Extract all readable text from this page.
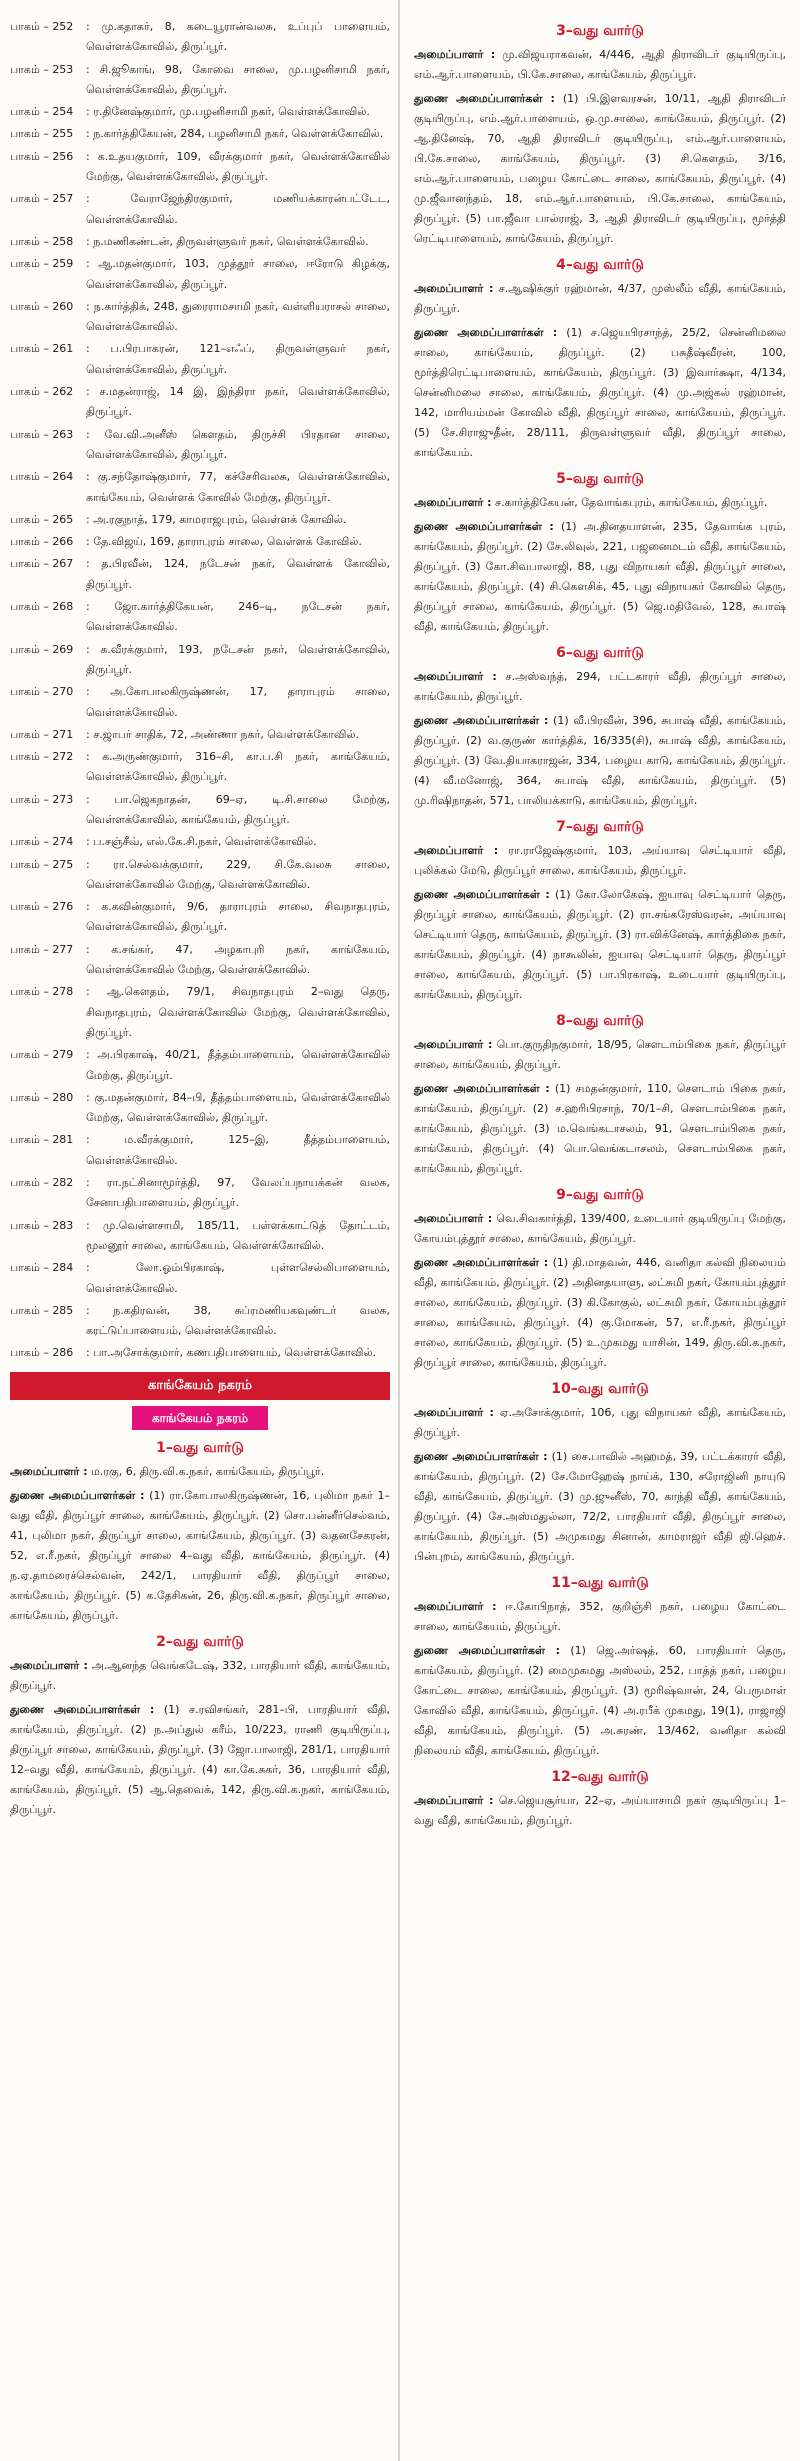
பாகம் – 252	: மு.கதாகர், 8, கடையூரான்வலசு, உப்புப் பாளையம், வெள்ளக்கோவில், திருப்பூர்.
பாகம் – 253	: சி.ஜூகாங், 98, கோவை சாலை, மு.பழனிசாமி நகர், வெள்ளக்கோவில், திருப்பூர்.
பாகம் – 254	: ர.தினேஷ்குமார், மு.பழனிசாமி நகர், வெள்ளக்கோவில்.
பாகம் – 255	: ந.கார்த்திகேயன், 284, பழனிசாமி நகர், வெள்ளக்கோவில்.
பாகம் – 256	: க.உதயகுமார், 109, வீரக்குமார் நகர், வெள்ளக்கோவில் மேற்கு, வெள்ளக்கோவில், திருப்பூர்.
பாகம் – 257	: வேராஜேந்திரகுமார், மணியக்காரன்பட்டேட, வெள்ளக்கோவில்.
பாகம் – 258	: ந.மணிகண்டன், திருவள்ளுவர் நகர், வெள்ளக்கோவில்.
பாகம் – 259	: ஆ.மதன்குமார், 103, முத்தூர் சாலை, ஈரோடு கிழக்கு, வெள்ளக்கோவில், திருப்பூர்.
பாகம் – 260	: ந.கார்த்திக், 248, துரைராமசாமி நகர், வள்ளியராசல் சாலை, வெள்ளக்கோவில்.
பாகம் – 261	: ப.பிரபாகரன், 121–எஃப், திருவள்ளுவர் நகர், வெள்ளக்கோவில், திருப்பூர்.
பாகம் – 262	: ச.மதன்ராஜ், 14 இ, இந்திரா நகர், வெள்ளக்கோவில், திருப்பூர்.
பாகம் – 263	: வே.வி.அனீஸ் கௌதம், திருச்சி பிரதான சாலை, வெள்ளக்கோவில், திருப்பூர்.
பாகம் – 264	: கு.சந்தோஷ்குமார், 77, கச்சேரிவலசு, வெள்ளக்கோவில், காங்கேயம், வெள்ளக் கோவில் மேற்கு, திருப்பூர்.
பாகம் – 265	: அ.ரகுநாத், 179, காமராஜபுரம், வெள்ளக் கோவில்.
பாகம் – 266	: தே.விஜய், 169, தாராபுரம் சாலை, வெள்ளக் கோவில்.
பாகம் – 267	: த.பிரவீன், 124, நடேசன் நகர், வெள்ளக் கோவில், திருப்பூர்.
பாகம் – 268	: ஜோ.கார்த்திகேயன், 246–டி, நடேசன் நகர், வெள்ளக்கோவில்.
பாகம் – 269	: க.வீரக்குமார், 193, நடேசன் நகர், வெள்ளக்கோவில், திருப்பூர்.
பாகம் – 270	: அ.கோபாலகிருஷ்ணன், 17, தாராபுரம் சாலை, வெள்ளக்கோவில்.
பாகம் – 271	: ச.ஜாபர் சாதிக், 72, அண்ணா நகர், வெள்ளக்கோவில்.
பாகம் – 272	: க.அருண்குமார், 316–சி, கா.ப.சி நகர், காங்கேயம், வெள்ளக்கோவில், திருப்பூர்.
பாகம் – 273	: பா.ஜெகநாதன், 69–ஏ, டி.சி.சாலை மேற்கு, வெள்ளக்கோவில், காங்கேயம், திருப்பூர்.
பாகம் – 274	: ப.சஞ்சீவ், எல்.கே.சி.நகர், வெள்ளக்கோவில்.
பாகம் – 275	: ரா.செல்வக்குமார், 229, சி.கே.வலசு சாலை, வெள்ளக்கோவில் மேற்கு, வெள்ளக்கோவில்.
பாகம் – 276	: க.கவின்குமார், 9/6, தாராபுரம் சாலை, சிவநாதபுரம், வெள்ளக்கோவில், திருப்பூர்.
பாகம் – 277	: க.சங்கர், 47, அழகாபுரி நகர், காங்கேயம், வெள்ளக்கோவில் மேற்கு, வெள்ளக்கோவில்.
பாகம் – 278	: ஆ.கௌதம், 79/1, சிவநாதபுரம் 2–வது தெரு, சிவநாதபுரம், வெள்ளக்கோவில் மேற்கு, வெள்ளக்கோவில், திருப்பூர்.
பாகம் – 279	: அ.பிரகாஷ், 40/21, தீத்தம்பாளையம், வெள்ளக்கோவில் மேற்கு, திருப்பூர்.
பாகம் – 280	: கு.மதன்குமார், 84–பி, தீத்தம்பாளையம், வெள்ளக்கோவில் மேற்கு, வெள்ளக்கோவில், திருப்பூர்.
பாகம் – 281	: ம.வீரக்குமார், 125–இ, தீத்தம்பாளையம், வெள்ளக்கோவில்.
பாகம் – 282	: ரா.நட்சினாமூர்த்தி, 97, வேலப்பநாயக்கன் வலசு, சேனாபதிபாளையம், திருப்பூர்.
பாகம் – 283	: மு.வெள்ளசாமி, 185/11, பள்ளக்காட்டுத் தோட்டம், மூலனூர் சாலை, காங்கேயம், வெள்ளக்கோவில்.
பாகம் – 284	: லோ.ஓம்பிரகாஷ், புள்ளசெல்லிபாளையம், வெள்ளக்கோவில்.
பாகம் – 285	: ந.கதிரவன், 38, சுப்ரமணியகவுண்டர் வலசு, கரட்டுப்பாளையம், வெள்ளக்கோவில்.
பாகம் – 286	: பா.அசோக்குமார், கணபதிபாளையம், வெள்ளக்கோவில்.
காங்கேயம் நகரம்
காங்கேயம் நகரம்
1–வது வார்டு
அமைப்பாளர் : ம.ரகு, 6, திரு.வி.க.நகர், காங்கேயம், திருப்பூர்.
துணை அமைப்பாளர்கள் : (1) ரா.கோபாலகிருஷ்ணன், 16, புலிமா நகர் 1–வது வீதி, திருப்பூர் சாலை, காங்கேயம், திருப்பூர். (2) சொ.பன்னீர்செல்வம், 41, புலிமா நகர், திருப்பூர் சாலை, காங்கேயம், திருப்பூர். (3) வதனசேகரன், 52, எ.ரீ.நகர், திருப்பூர் சாலை 4–வது வீதி, காங்கேயம், திருப்பூர். (4) ந.ஏ.தாமரைச்செல்வன், 242/1, பாரதியார் வீதி, திருப்பூர் சாலை, காங்கேயம், திருப்பூர். (5) க.தேசிகன், 26, திரு.வி.க.நகர், திருப்பூர் சாலை, காங்கேயம், திருப்பூர்.
2–வது வார்டு
அமைப்பாளர் : அ.ஆனந்த வெங்கடேஷ், 332, பாரதியார் வீதி, காங்கேயம், திருப்பூர்.
துணை அமைப்பாளர்கள் : (1) ச.ரவிசங்கர், 281–பி, பாரதியார் வீதி, காங்கேயம், திருப்பூர். (2) ந.அப்துல் கரீம், 10/223, ராணி குடியிருப்பு, திருப்பூர் சாலை, காங்கேயம், திருப்பூர். (3) ஜோ.பாலாஜி, 281/1, பாரதியார் 12–வது வீதி, காங்கேயம், திருப்பூர். (4) கா.கே.சுகர், 36, பாரதியார் வீதி, காங்கேயம், திருப்பூர். (5) ஆ.தெவைக், 142, திரு.வி.க.நகர், காங்கேயம், திருப்பூர்.
3–வது வார்டு
அமைப்பாளர் : மு.விஜயராகவன், 4/446, ஆதி திராவிடர் குடியிருப்பு, எம்.ஆர்.பாளையம், பி.கே.சாலை, காங்கேயம், திருப்பூர்.
துணை அமைப்பாளர்கள் : (1) பி.இளவரசன், 10/11, ஆதி திராவிடர் குடியிருப்பு, எம்.ஆர்.பாளையம், ஒ.மு.சாலை, காங்கேயம், திருப்பூர். (2) ஆ.தினேஷ், 70, ஆதி திராவிடர் குடியிருப்பு, எம்.ஆர்.பாளையம், பி.கே.சாலை, காங்கேயம், திருப்பூர். (3) சி.கௌதம், 3/16, எம்.ஆர்.பாளையம், பழைய கோட்டை சாலை, காங்கேயம், திருப்பூர். (4) மு.ஜீவானந்தம், 18, எம்.ஆர்.பாளையம், பி.கே.சாலை, காங்கேயம், திருப்பூர். (5) பா.ஜீவா பால்ராஜ், 3, ஆதி திராவிடர் குடியிருப்பு, மூர்த்தி ரெட்டிபாளையம், காங்கேயம், திருப்பூர்.
4–வது வார்டு
அமைப்பாளர் : ச.ஆஷிக்குர் ரஹ்மான், 4/37, முஸ்லீம் வீதி, காங்கேயம், திருப்பூர்.
துணை அமைப்பாளர்கள் : (1) ச.ஜெயபிரசாந்த், 25/2, சென்னிமலை சாலை, காங்கேயம், திருப்பூர். (2) பசுதீஷ்வீரன், 100, மூர்த்திரெட்டிபாளையம், காங்கேயம், திருப்பூர். (3) இவார்க்ஷா, 4/134, சென்னிமலை சாலை, காங்கேயம், திருப்பூர். (4) மு.அஜ்கல் ரஹ்மான், 142, மாரியம்மன் கோவில் வீதி, திருப்பூர் சாலை, காங்கேயம், திருப்பூர். (5) சே.சிராஜுதீன், 28/111, திருவள்ளுவர் வீதி, திருப்பூர் சாலை, காங்கேயம்.
5–வது வார்டு
அமைப்பாளர் : ச.கார்த்திகேயன், தேவாங்கபுரம், காங்கேயம், திருப்பூர்.
துணை அமைப்பாளர்கள் : (1) அ.தினதயாளன், 235, தேவாங்க புரம், காங்கேயம், திருப்பூர். (2) சே.லிவுல், 221, பஜனைமடம் வீதி, காங்கேயம், திருப்பூர். (3) கோ.சிவபாலாஜி, 88, புது விநாயகர் வீதி, திருப்பூர் சாலை, காங்கேயம், திருப்பூர். (4) சி.கௌசிக், 45, புது விநாயகர் கோவில் தெரு, திருப்பூர் சாலை, காங்கேயம், திருப்பூர். (5) ஜெ.மதிவேல், 128, சுபாஷ் வீதி, காங்கேயம், திருப்பூர்.
6–வது வார்டு
அமைப்பாளர் : ச.அஸ்வந்த், 294, பட்டகாரர் வீதி, திருப்பூர் சாலை, காங்கேயம், திருப்பூர்.
துணை அமைப்பாளர்கள் : (1) வீ.பிரவீன், 396, சுபாஷ் வீதி, காங்கேயம், திருப்பூர். (2) வ.குருண் கார்த்திக், 16/335(சி), சுபாஷ் வீதி, காங்கேயம், திருப்பூர். (3) வே.தியாகராஜன், 334, பழைய காடு, காங்கேயம், திருப்பூர். (4) வீ.மனோஜ், 364, சுபாஷ் வீதி, காங்கேயம், திருப்பூர். (5) மு.ரிஷிநாதன், 571, பாலியக்காடு, காங்கேயம், திருப்பூர்.
7–வது வார்டு
அமைப்பாளர் : ரா.ராஜேஷ்குமார், 103, அய்யாவு செட்டியார் வீதி, புலிக்கல் மேடு, திருப்பூர் சாலை, காங்கேயம், திருப்பூர்.
துணை அமைப்பாளர்கள் : (1) கோ.லோகேஷ், ஐயாவு செட்டியார் தெரு, திருப்பூர் சாலை, காங்கேயம், திருப்பூர். (2) ரா.சங்கரேஸ்வரன், அய்யாவு செட்டியார் தெரு, காங்கேயம், திருப்பூர். (3) ரா.விக்னேஷ், கார்த்திகை நகர், காங்கேயம், திருப்பூர். (4) நாகூலின், ஐயாவு செட்டியார் தெரு, திருப்பூர் சாலை, காங்கேயம், திருப்பூர். (5) பா.பிரகாஷ், உடையார் குடியிருப்பு, காங்கேயம், திருப்பூர்.
8–வது வார்டு
அமைப்பாளர் : பொ.குருதிநகுமார், 18/95, சௌடாம்பிகை நகர், திருப்பூர் சாலை, காங்கேயம், திருப்பூர்.
துணை அமைப்பாளர்கள் : (1) சமதன்குமார், 110, சௌடாம் பிகை நகர், காங்கேயம், திருப்பூர். (2) ச.ஹரிபிரசாந், 70/1–சி, சௌடாம்பிகை நகர், காங்கேயம், திருப்பூர். (3) ம.வெங்கடாசலம், 91, சௌடாம்பிகை நகர், காங்கேயம், திருப்பூர். (4) பொ.வெங்கடாசலம், சௌடாம்பிகை நகர், காங்கேயம், திருப்பூர்.
9–வது வார்டு
அமைப்பாளர் : வெ.சிவகார்த்தி, 139/400, உடையார் குடியிருப்பு மேற்கு, கோயம்புத்தூர் சாலை, காங்கேயம், திருப்பூர்.
துணை அமைப்பாளர்கள் : (1) தி.மாதவன், 446, வனிதா கல்வி நிலையம் வீதி, காங்கேயம், திருப்பூர். (2) அதினதயாளு, லட்சுமி நகர், கோயம்புத்தூர் சாலை, காங்கேயம், திருப்பூர். (3) கி.கோகுல், லட்சுமி நகர், கோயம்புத்தூர் சாலை, காங்கேயம், திருப்பூர். (4) கு.மோகன், 57, எ.ரீ.நகர், திருப்பூர் சாலை, காங்கேயம், திருப்பூர். (5) உ.முகமது யாசின், 149, திரு.வி.க.நகர், திருப்பூர் சாலை, காங்கேயம், திருப்பூர்.
10–வது வார்டு
அமைப்பாளர் : ஏ.அசோக்குமார், 106, புது விநாயகர் வீதி, காங்கேயம், திருப்பூர்.
துணை அமைப்பாளர்கள் : (1) சை.பாவில் அஹமத், 39, பட்டக்காரர் வீதி, காங்கேயம், திருப்பூர். (2) சே.மோஹேஷ் நாய்க், 130, சரோஜினி நாயுடு வீதி, காங்கேயம், திருப்பூர். (3) மு.ஜுனீஸ், 70, காந்தி வீதி, காங்கேயம், திருப்பூர். (4) சே.அஸ்மதுல்லா, 72/2, பாரதியார் வீதி, திருப்பூர் சாலை, காங்கேயம், திருப்பூர். (5) அமுகமது சினான், காமராஜர் வீதி ஜி.ஹெச். பின்புறம், காங்கேயம், திருப்பூர்.
11–வது வார்டு
அமைப்பாளர் : ஈ.கோபிநாத், 352, குறிஞ்சி நகர், பழைய கோட்டை சாலை, காங்கேயம், திருப்பூர்.
துணை அமைப்பாளர்கள் : (1) ஜெ.அர்ஷத், 60, பாரதியார் தெரு, காங்கேயம், திருப்பூர். (2) மைமுகமது அஸ்லம், 252, பாத்த் நகர், பழைய கோட்டை சாலை, காங்கேயம், திருப்பூர். (3) மூரிஷ்வான், 24, பெருமாள் கோவில் வீதி, காங்கேயம், திருப்பூர். (4) அ.ரபீக் முகமது, 19(1), ராஜாஜி வீதி, காங்கேயம், திருப்பூர். (5) அ.சுரண், 13/462, வனிதா கல்வி நிலையம் வீதி, காங்கேயம், திருப்பூர்.
12–வது வார்டு
அமைப்பாளர் : செ.ஜெயசூர்யா, 22–ஏ, அய்யாசாமி நகர் குடியிருப்பு 1–வது வீதி, காங்கேயம், திருப்பூர்.
